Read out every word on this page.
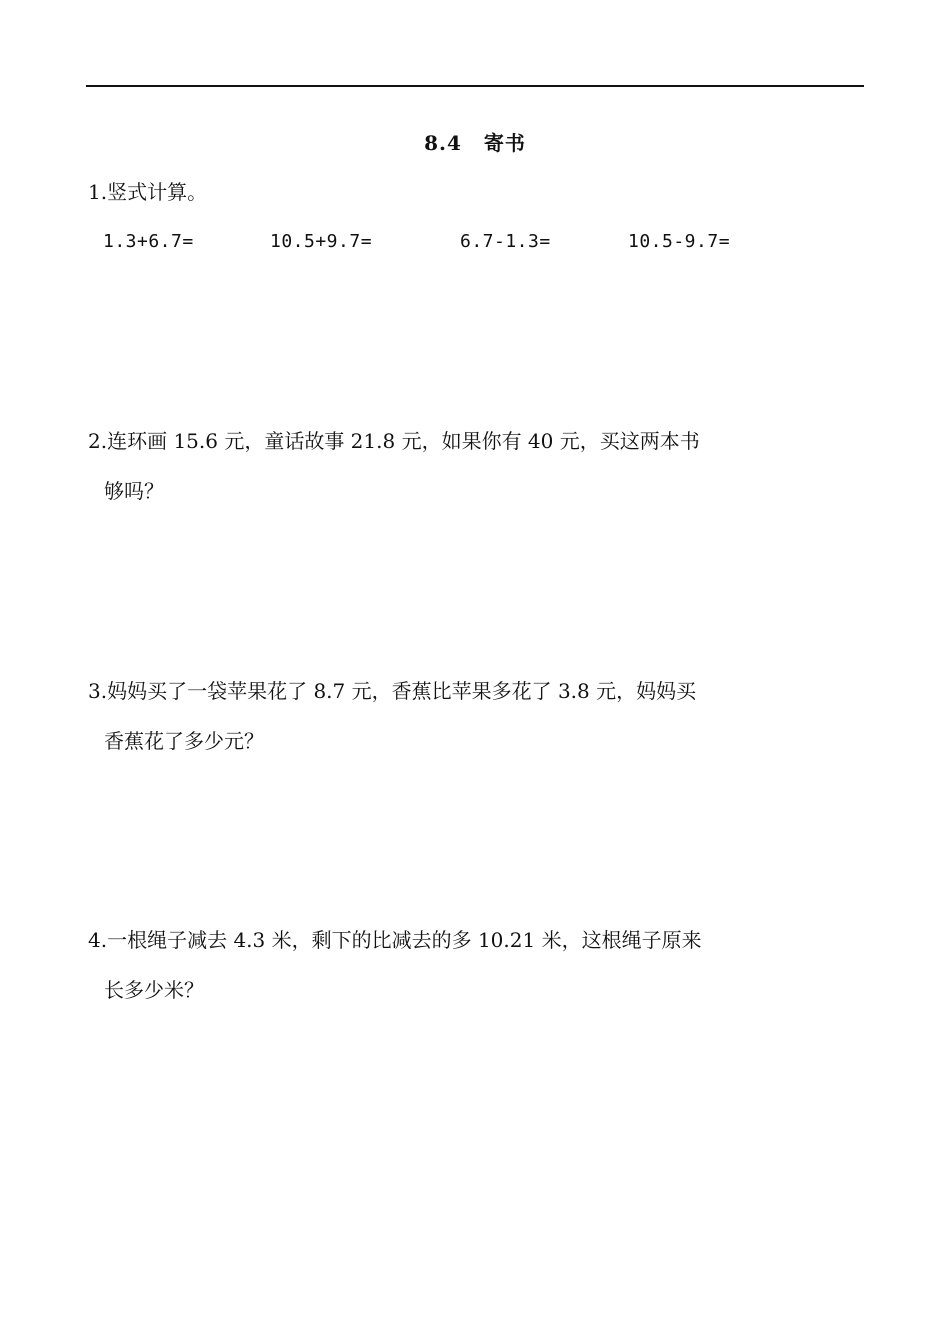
8.4 寄书
1.竖式计算。
1.3+6.7=	10.5+9.7=	6.7-1.3=	10.5-9.7=
2.连环画 15.6 元，童话故事 21.8 元，如果你有 40 元，买这两本书
够吗？
3.妈妈买了一袋苹果花了 8.7 元，香蕉比苹果多花了 3.8 元，妈妈买
香蕉花了多少元？
4.一根绳子减去 4.3 米，剩下的比减去的多 10.21 米，这根绳子原来
长多少米？
